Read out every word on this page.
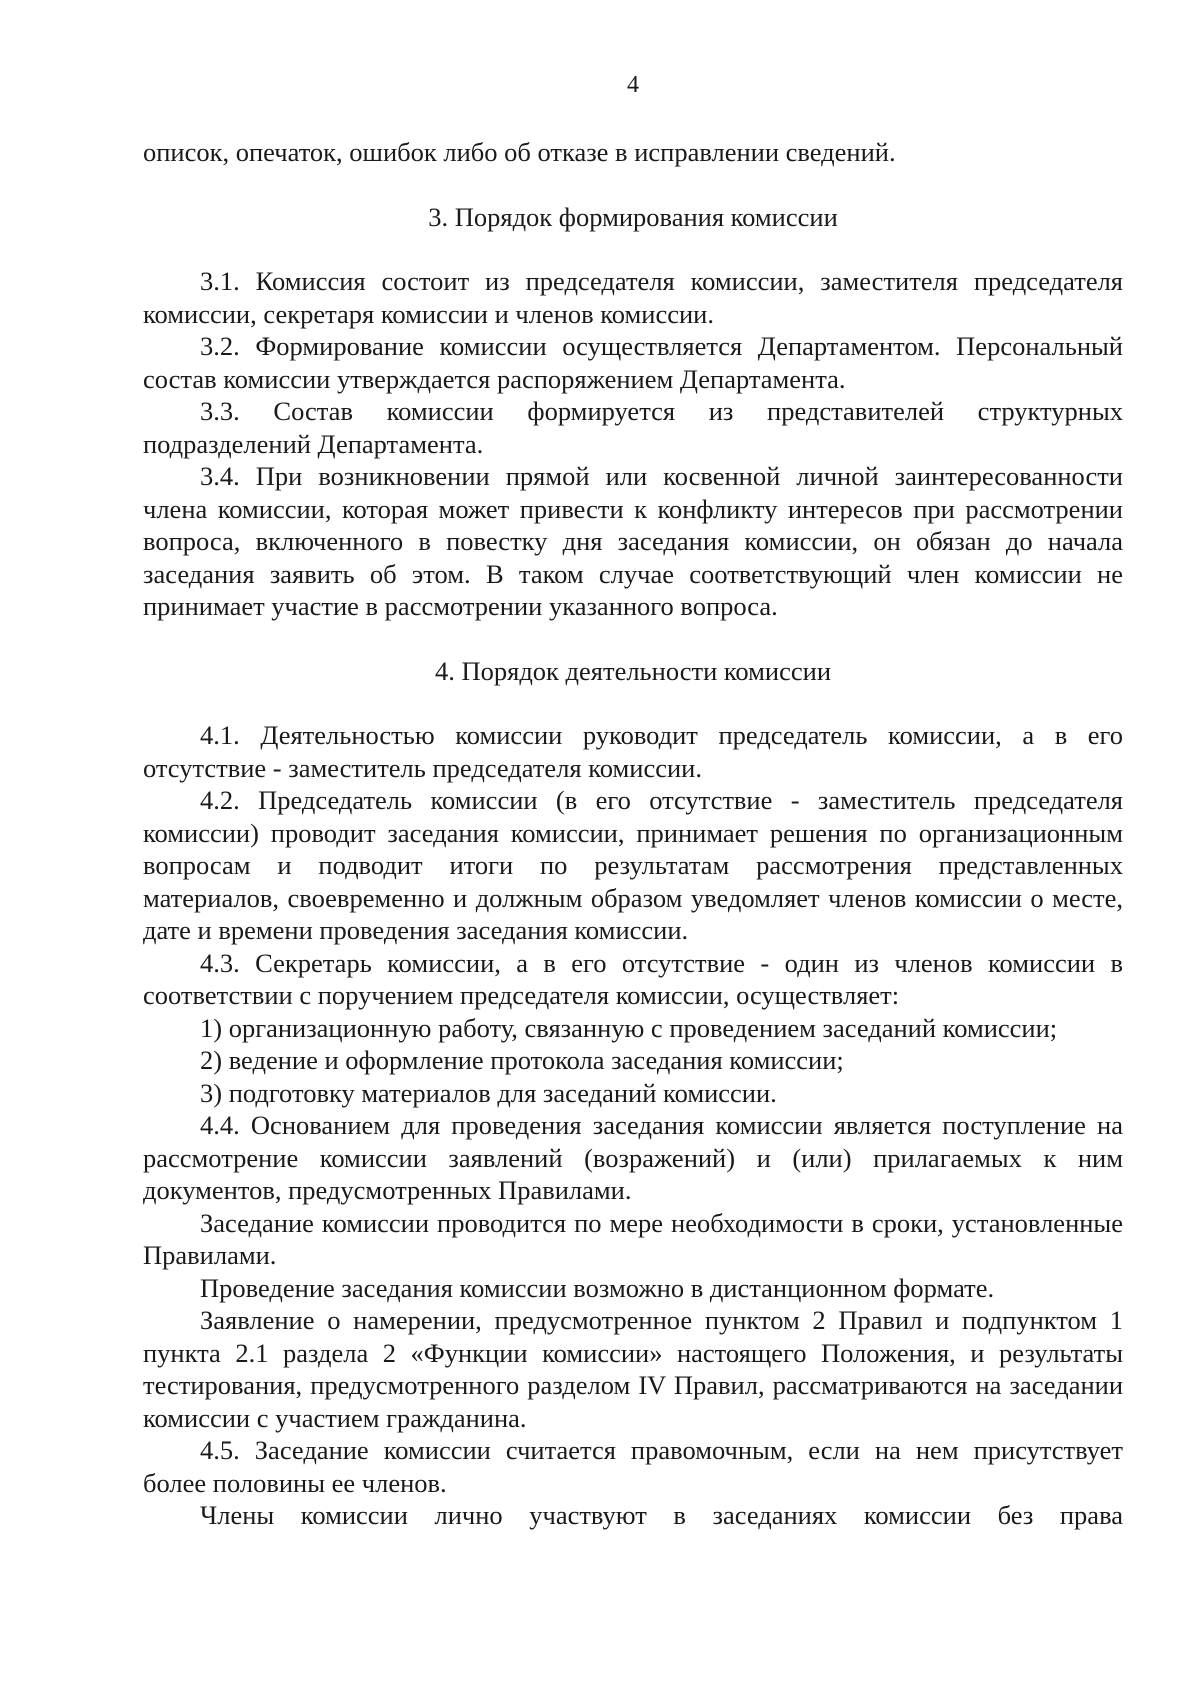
4
описок, опечаток, ошибок либо об отказе в исправлении сведений.
3. Порядок формирования комиссии
3.1. Комиссия состоит из председателя комиссии, заместителя председателя комиссии, секретаря комиссии и членов комиссии.
3.2. Формирование комиссии осуществляется Департаментом. Персональный состав комиссии утверждается распоряжением Департамента.
3.3. Состав комиссии формируется из представителей структурных подразделений Департамента.
3.4. При возникновении прямой или косвенной личной заинтересованности члена комиссии, которая может привести к конфликту интересов при рассмотрении вопроса, включенного в повестку дня заседания комиссии, он обязан до начала заседания заявить об этом. В таком случае соответствующий член комиссии не принимает участие в рассмотрении указанного вопроса.
4. Порядок деятельности комиссии
4.1. Деятельностью комиссии руководит председатель комиссии, а в его отсутствие - заместитель председателя комиссии.
4.2. Председатель комиссии (в его отсутствие - заместитель председателя комиссии) проводит заседания комиссии, принимает решения по организационным вопросам и подводит итоги по результатам рассмотрения представленных материалов, своевременно и должным образом уведомляет членов комиссии о месте, дате и времени проведения заседания комиссии.
4.3. Секретарь комиссии, а в его отсутствие - один из членов комиссии в соответствии с поручением председателя комиссии, осуществляет:
1) организационную работу, связанную с проведением заседаний комиссии;
2) ведение и оформление протокола заседания комиссии;
3) подготовку материалов для заседаний комиссии.
4.4. Основанием для проведения заседания комиссии является поступление на рассмотрение комиссии заявлений (возражений) и (или) прилагаемых к ним документов, предусмотренных Правилами.
Заседание комиссии проводится по мере необходимости в сроки, установленные Правилами.
Проведение заседания комиссии возможно в дистанционном формате.
Заявление о намерении, предусмотренное пунктом 2 Правил и подпунктом 1 пункта 2.1 раздела 2 «Функции комиссии» настоящего Положения, и результаты тестирования, предусмотренного разделом IV Правил, рассматриваются на заседании комиссии с участием гражданина.
4.5. Заседание комиссии считается правомочным, если на нем присутствует более половины ее членов.
Члены комиссии лично участвуют в заседаниях комиссии без права
